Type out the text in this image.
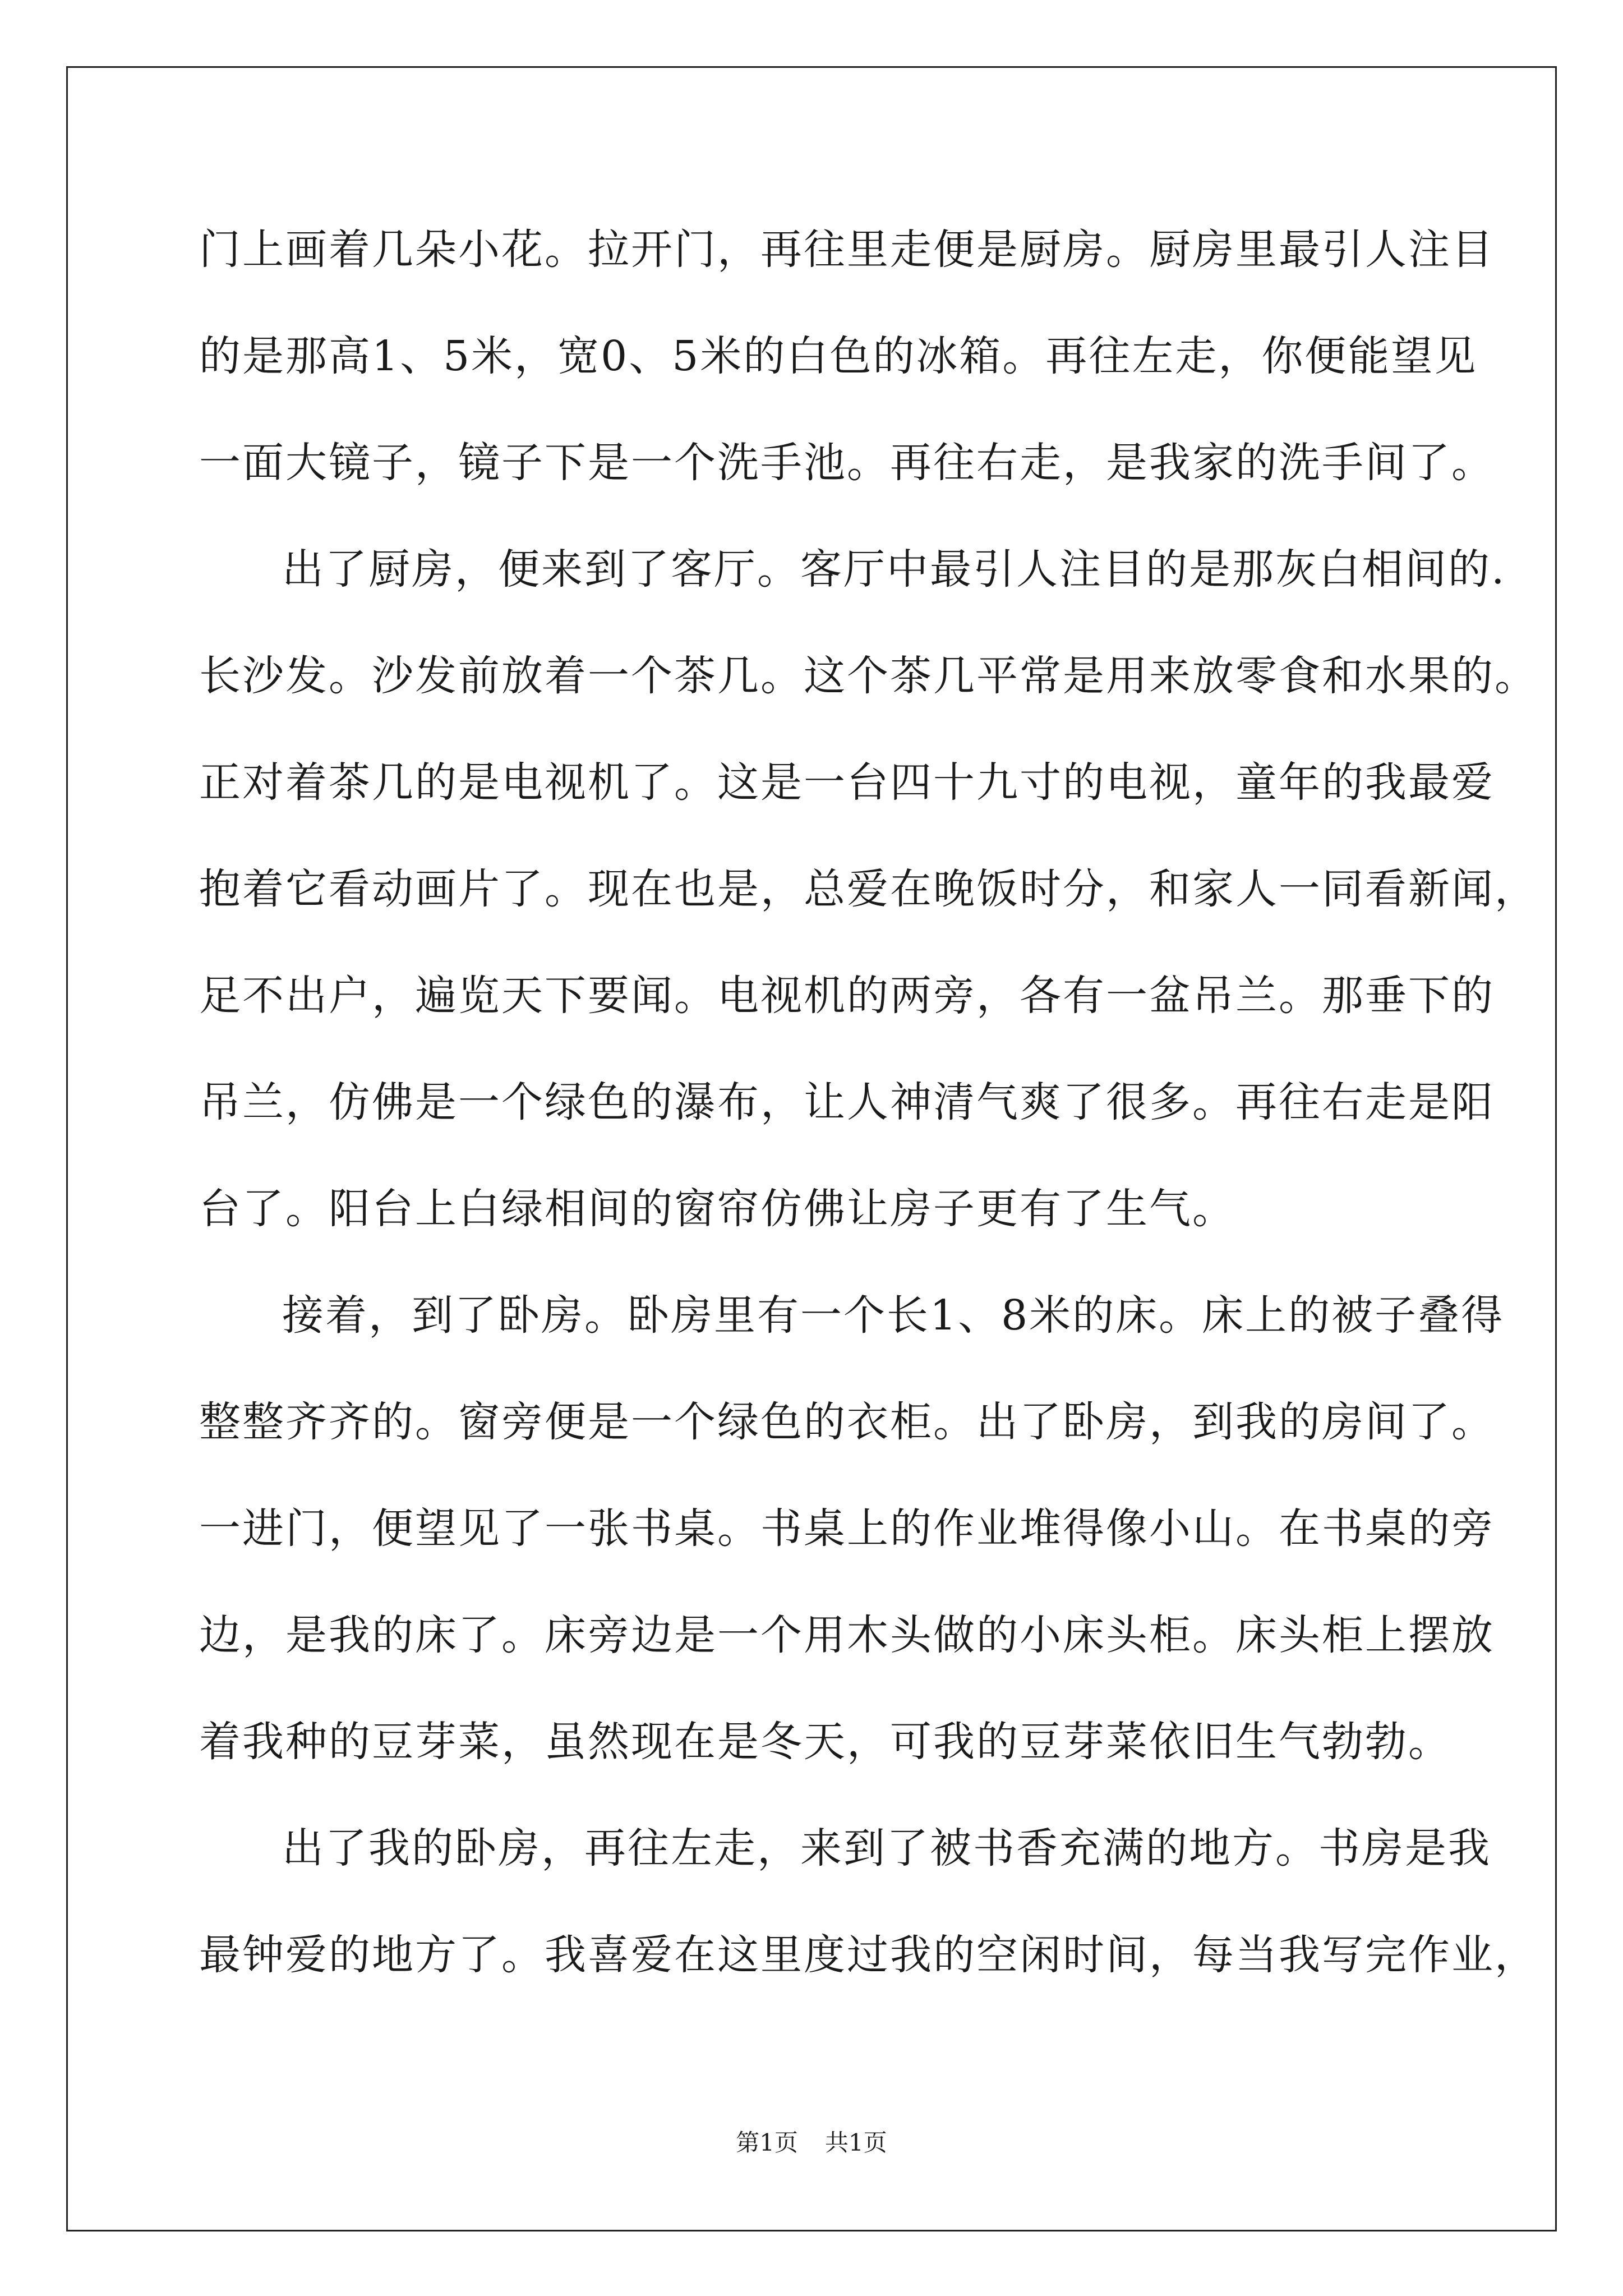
门上画着几朵小花。拉开门，再往里走便是厨房。厨房里最引人注目
的是那高1、5米，宽0、5米的白色的冰箱。再往左走，你便能望见
一面大镜子，镜子下是一个洗手池。再往右走，是我家的洗手间了。
出了厨房，便来到了客厅。客厅中最引人注目的是那灰白相间的.
长沙发。沙发前放着一个茶几。这个茶几平常是用来放零食和水果的。
正对着茶几的是电视机了。这是一台四十九寸的电视，童年的我最爱
抱着它看动画片了。现在也是，总爱在晚饭时分，和家人一同看新闻，
足不出户，遍览天下要闻。电视机的两旁，各有一盆吊兰。那垂下的
吊兰，仿佛是一个绿色的瀑布，让人神清气爽了很多。再往右走是阳
台了。阳台上白绿相间的窗帘仿佛让房子更有了生气。
接着，到了卧房。卧房里有一个长1、8米的床。床上的被子叠得
整整齐齐的。窗旁便是一个绿色的衣柜。出了卧房，到我的房间了。
一进门，便望见了一张书桌。书桌上的作业堆得像小山。在书桌的旁
边，是我的床了。床旁边是一个用木头做的小床头柜。床头柜上摆放
着我种的豆芽菜，虽然现在是冬天，可我的豆芽菜依旧生气勃勃。
出了我的卧房，再往左走，来到了被书香充满的地方。书房是我
最钟爱的地方了。我喜爱在这里度过我的空闲时间，每当我写完作业，
第1页 共1页
